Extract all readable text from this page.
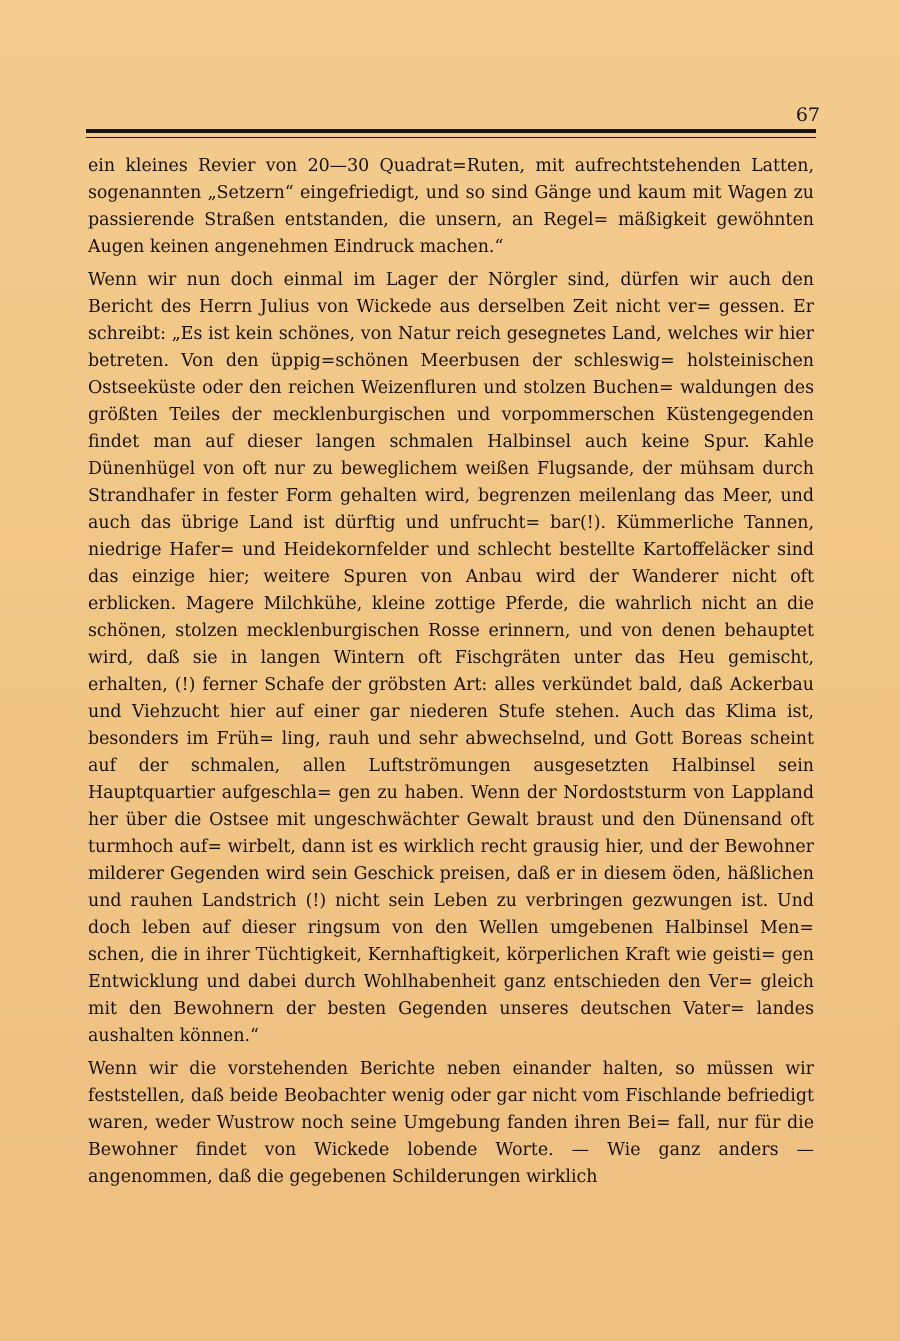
67

ein kleines Revier von 20—30 Quadrat=Ruten, mit aufrechtstehenden Latten, sogenannten „Setzern“ eingefriedigt, und so sind Gänge und kaum mit Wagen zu passierende Straßen entstanden, die unsern, an Regel= mäßigkeit gewöhnten Augen keinen angenehmen Eindruck machen.“

Wenn wir nun doch einmal im Lager der Nörgler sind, dürfen wir auch den Bericht des Herrn Julius von Wickede aus derselben Zeit nicht ver= gessen. Er schreibt: „Es ist kein schönes, von Natur reich gesegnetes Land, welches wir hier betreten. Von den üppig=schönen Meerbusen der schleswig= holsteinischen Ostseeküste oder den reichen Weizenfluren und stolzen Buchen= waldungen des größten Teiles der mecklenburgischen und vorpommerschen Küstengegenden findet man auf dieser langen schmalen Halbinsel auch keine Spur. Kahle Dünenhügel von oft nur zu beweglichem weißen Flugsande, der mühsam durch Strandhafer in fester Form gehalten wird, begrenzen meilenlang das Meer, und auch das übrige Land ist dürftig und unfrucht= bar(!). Kümmerliche Tannen, niedrige Hafer= und Heidekornfelder und schlecht bestellte Kartoffeläcker sind das einzige hier; weitere Spuren von Anbau wird der Wanderer nicht oft erblicken. Magere Milchkühe, kleine zottige Pferde, die wahrlich nicht an die schönen, stolzen mecklenburgischen Rosse erinnern, und von denen behauptet wird, daß sie in langen Wintern oft Fischgräten unter das Heu gemischt, erhalten, (!) ferner Schafe der gröbsten Art: alles verkündet bald, daß Ackerbau und Viehzucht hier auf einer gar niederen Stufe stehen. Auch das Klima ist, besonders im Früh= ling, rauh und sehr abwechselnd, und Gott Boreas scheint auf der schmalen, allen Luftströmungen ausgesetzten Halbinsel sein Hauptquartier aufgeschla= gen zu haben. Wenn der Nordoststurm von Lappland her über die Ostsee mit ungeschwächter Gewalt braust und den Dünensand oft turmhoch auf= wirbelt, dann ist es wirklich recht grausig hier, und der Bewohner milderer Gegenden wird sein Geschick preisen, daß er in diesem öden, häßlichen und rauhen Landstrich (!) nicht sein Leben zu verbringen gezwungen ist. Und doch leben auf dieser ringsum von den Wellen umgebenen Halbinsel Men= schen, die in ihrer Tüchtigkeit, Kernhaftigkeit, körperlichen Kraft wie geisti= gen Entwicklung und dabei durch Wohlhabenheit ganz entschieden den Ver= gleich mit den Bewohnern der besten Gegenden unseres deutschen Vater= landes aushalten können.“

Wenn wir die vorstehenden Berichte neben einander halten, so müssen wir feststellen, daß beide Beobachter wenig oder gar nicht vom Fischlande befriedigt waren, weder Wustrow noch seine Umgebung fanden ihren Bei= fall, nur für die Bewohner findet von Wickede lobende Worte. — Wie ganz anders — angenommen, daß die gegebenen Schilderungen wirklich
